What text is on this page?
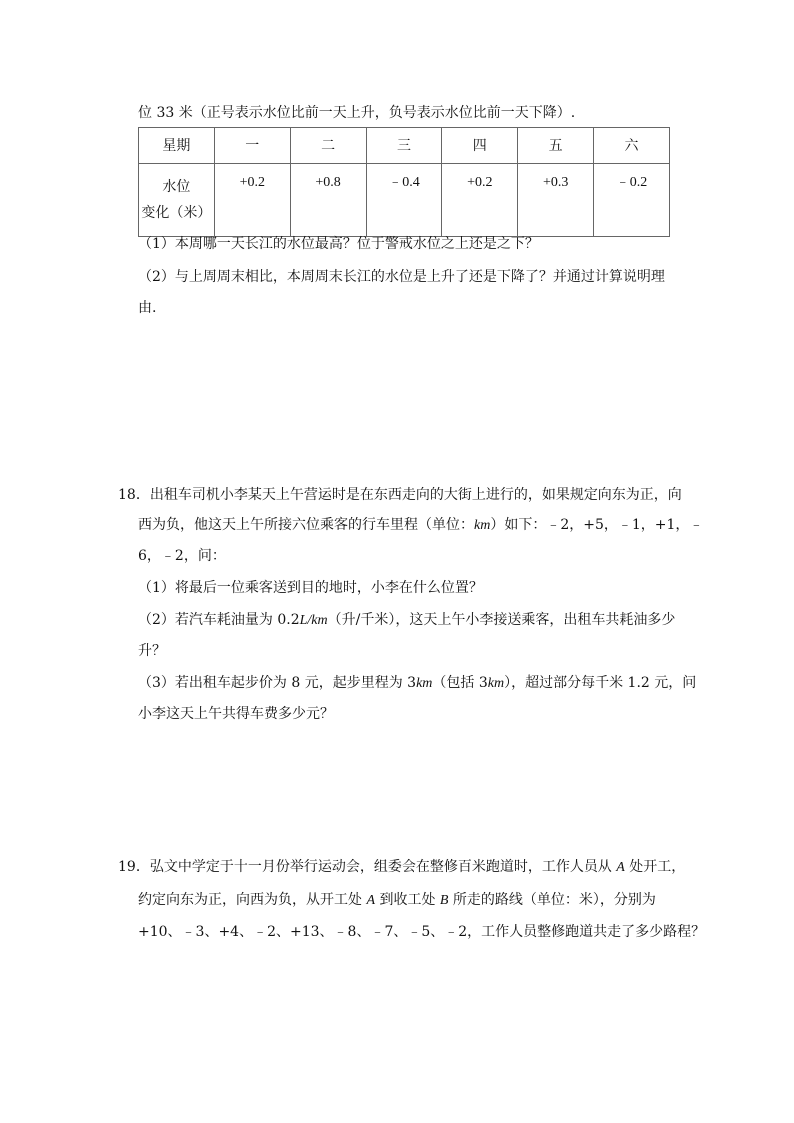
位 33 米（正号表示水位比前一天上升，负号表示水位比前一天下降）.
星期	一	二	三	四	五	六

水位
变化（米）	+0.2	+0.8	﹣0.4	+0.2	+0.3	﹣0.2
（1）本周哪一天长江的水位最高？位于警戒水位之上还是之下？
（2）与上周周末相比，本周周末长江的水位是上升了还是下降了？并通过计算说明理
由.
18．出租车司机小李某天上午营运时是在东西走向的大街上进行的，如果规定向东为正，向
西为负，他这天上午所接六位乘客的行车里程（单位：km）如下：﹣2，+5，﹣1，+1，﹣
6，﹣2，问：
（1）将最后一位乘客送到目的地时，小李在什么位置？
（2）若汽车耗油量为 0.2L/km（升/千米），这天上午小李接送乘客，出租车共耗油多少
升？
（3）若出租车起步价为 8 元，起步里程为 3km（包括 3km），超过部分每千米 1.2 元，问
小李这天上午共得车费多少元？
19．弘文中学定于十一月份举行运动会，组委会在整修百米跑道时，工作人员从 A 处开工，
约定向东为正，向西为负，从开工处 A 到收工处 B 所走的路线（单位：米），分别为
+10、﹣3、+4、﹣2、+13、﹣8、﹣7、﹣5、﹣2，工作人员整修跑道共走了多少路程？
